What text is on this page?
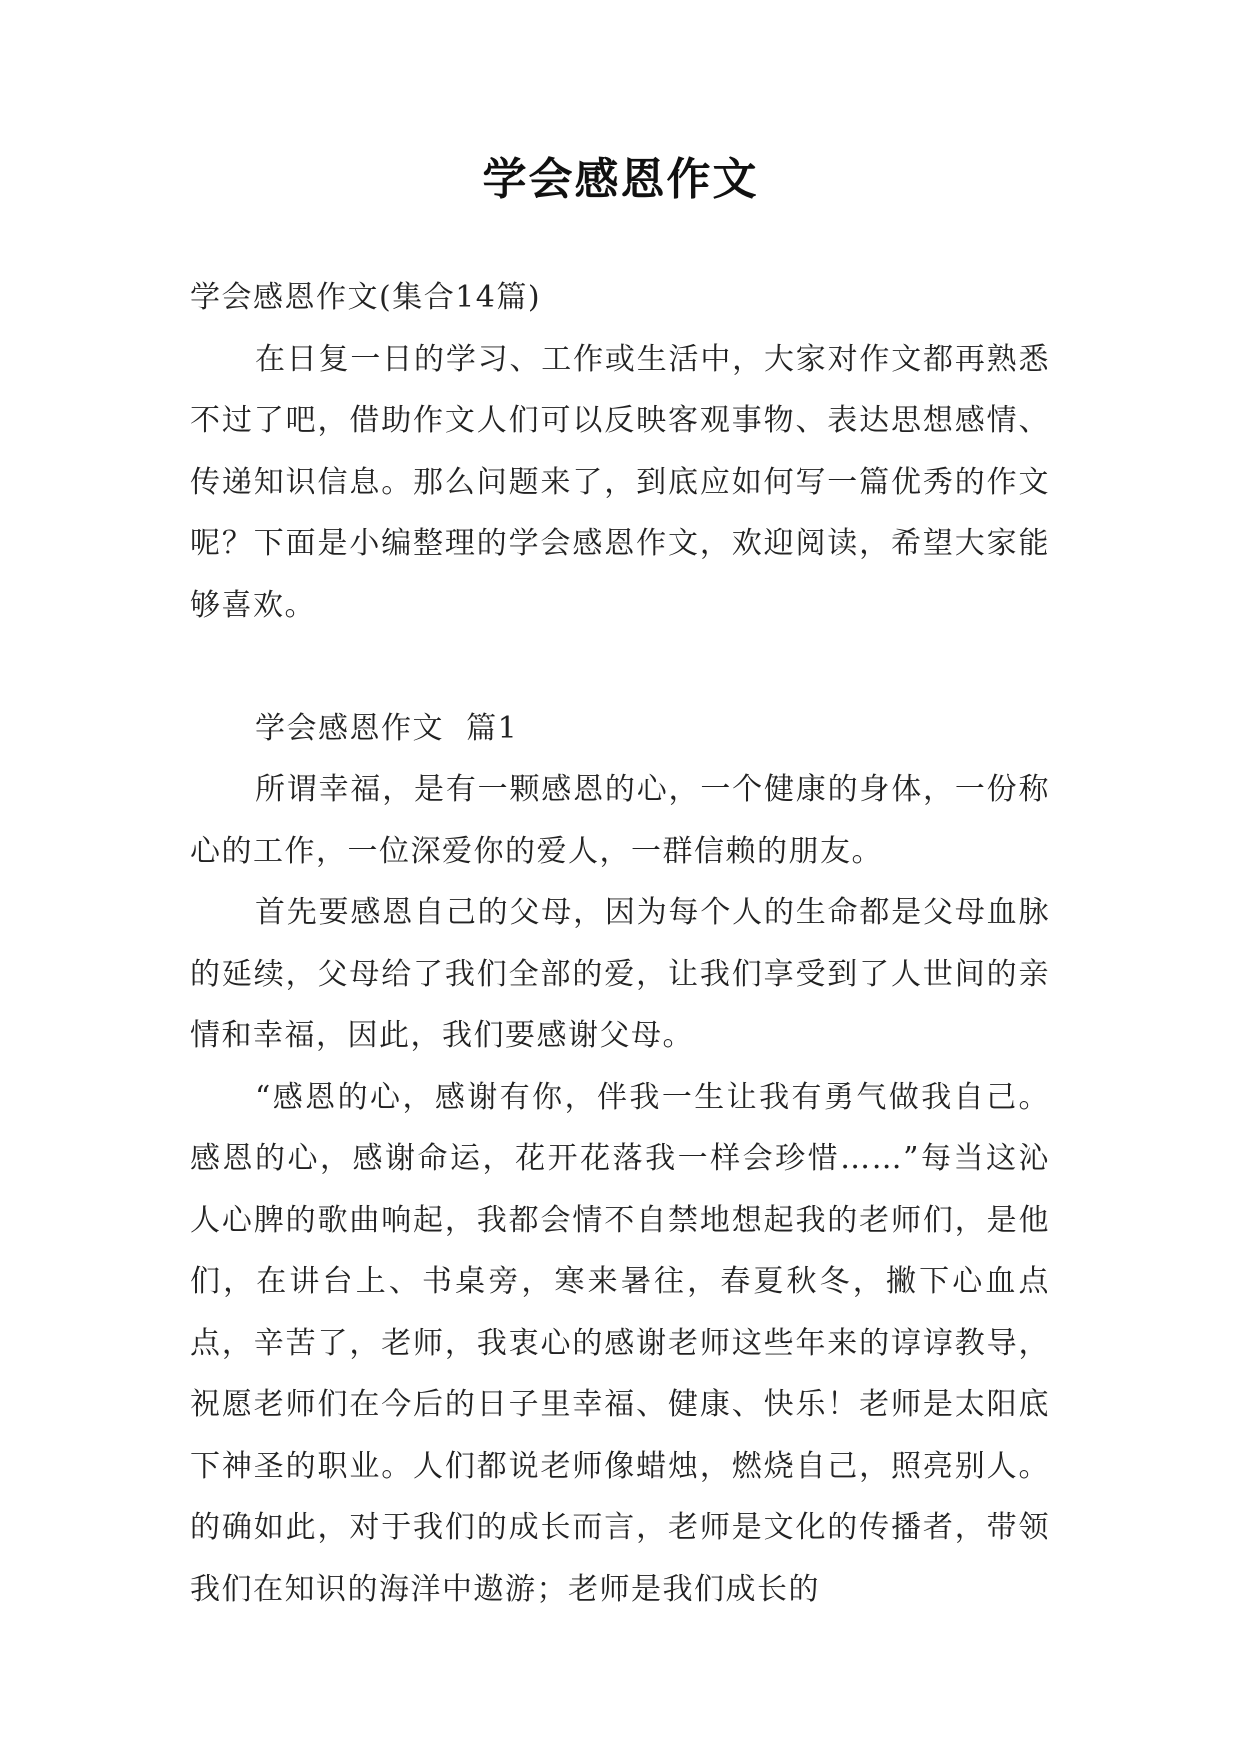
学会感恩作文

学会感恩作文(集合14篇)

在日复一日的学习、工作或生活中，大家对作文都再熟悉不过了吧，借助作文人们可以反映客观事物、表达思想感情、传递知识信息。那么问题来了，到底应如何写一篇优秀的作文呢？下面是小编整理的学会感恩作文，欢迎阅读，希望大家能够喜欢。

学会感恩作文  篇1

所谓幸福，是有一颗感恩的心，一个健康的身体，一份称心的工作，一位深爱你的爱人，一群信赖的朋友。

首先要感恩自己的父母，因为每个人的生命都是父母血脉的延续，父母给了我们全部的爱，让我们享受到了人世间的亲情和幸福，因此，我们要感谢父母。

“感恩的心，感谢有你，伴我一生让我有勇气做我自己。感恩的心，感谢命运，花开花落我一样会珍惜……”每当这沁人心脾的歌曲响起，我都会情不自禁地想起我的老师们，是他们，在讲台上、书桌旁，寒来暑往，春夏秋冬，撇下心血点点，辛苦了，老师，我衷心的感谢老师这些年来的谆谆教导，祝愿老师们在今后的日子里幸福、健康、快乐！老师是太阳底下神圣的职业。人们都说老师像蜡烛，燃烧自己，照亮别人。的确如此，对于我们的成长而言，老师是文化的传播者，带领我们在知识的海洋中遨游；老师是我们成长的
